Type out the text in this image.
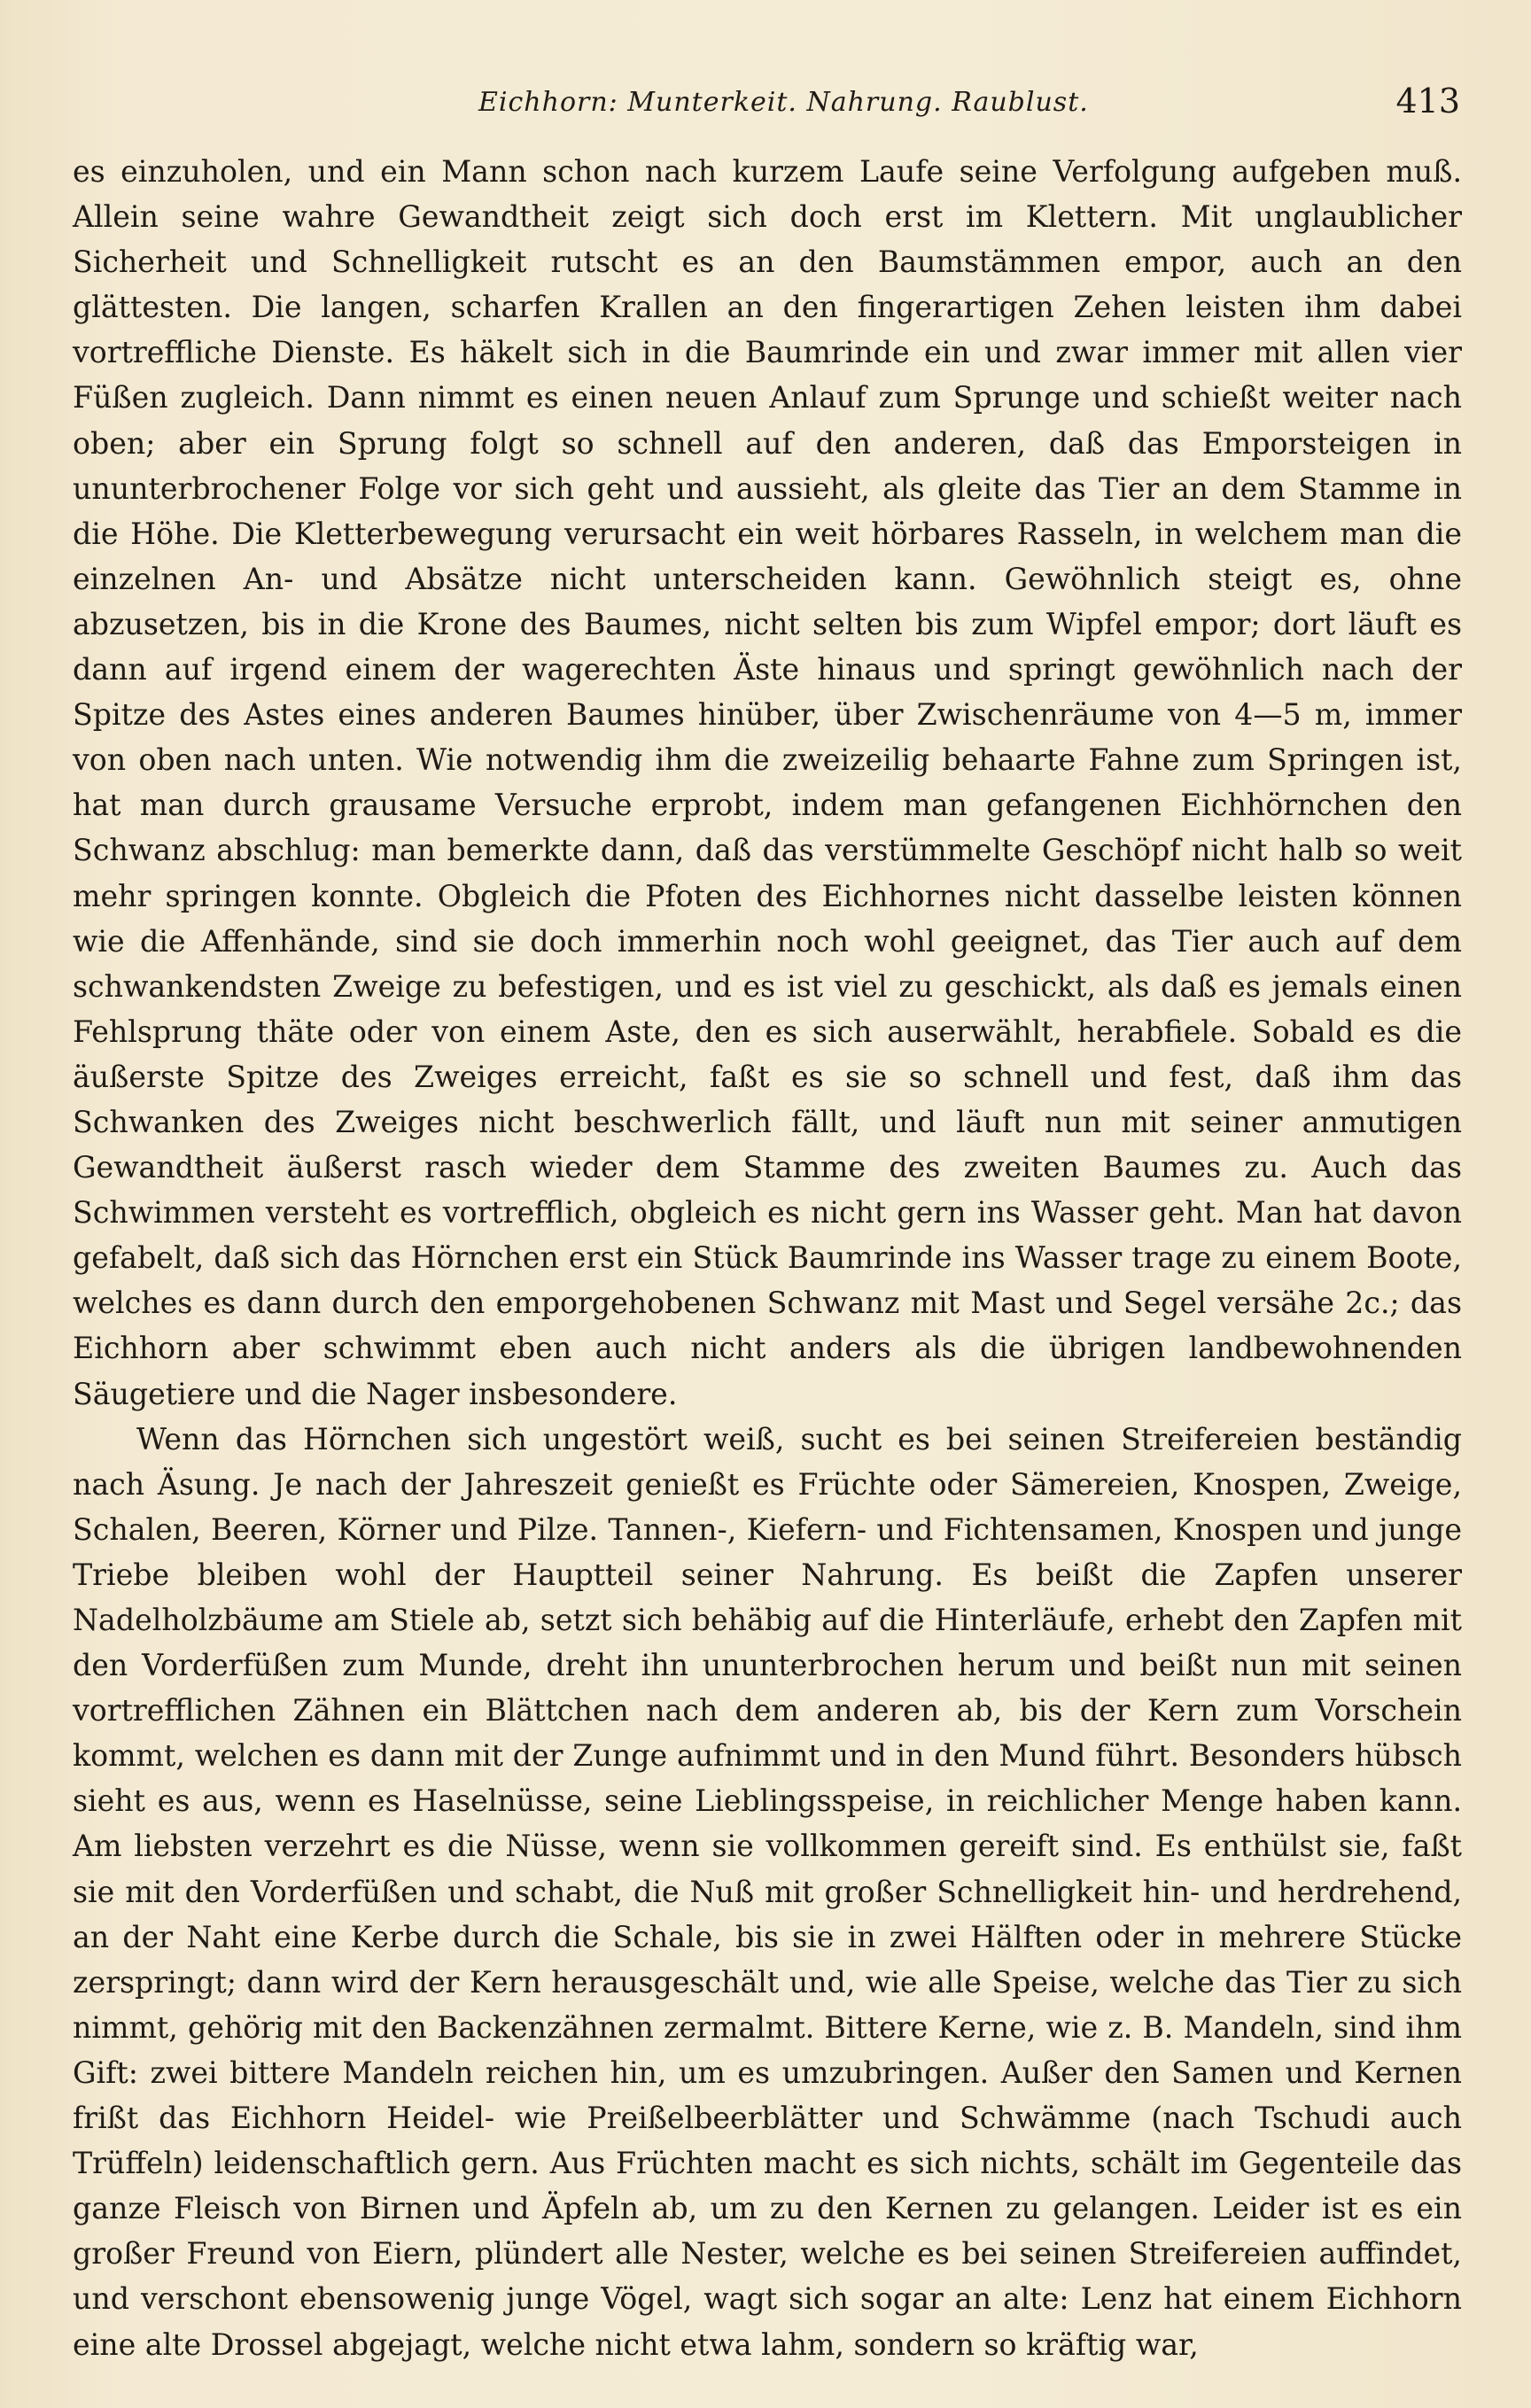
Eichhorn: Munterkeit. Nahrung. Raublust.	413

es einzuholen, und ein Mann schon nach kurzem Laufe seine Verfolgung aufgeben muß. Allein seine wahre Gewandtheit zeigt sich doch erst im Klettern. Mit unglaublicher Sicherheit und Schnelligkeit rutscht es an den Baumstämmen empor, auch an den glättesten. Die langen, scharfen Krallen an den fingerartigen Zehen leisten ihm dabei vortreffliche Dienste. Es häkelt sich in die Baumrinde ein und zwar immer mit allen vier Füßen zugleich. Dann nimmt es einen neuen Anlauf zum Sprunge und schießt weiter nach oben; aber ein Sprung folgt so schnell auf den anderen, daß das Emporsteigen in ununterbrochener Folge vor sich geht und aussieht, als gleite das Tier an dem Stamme in die Höhe. Die Kletterbewegung verursacht ein weit hörbares Rasseln, in welchem man die einzelnen An- und Absätze nicht unterscheiden kann. Gewöhnlich steigt es, ohne abzusetzen, bis in die Krone des Baumes, nicht selten bis zum Wipfel empor; dort läuft es dann auf irgend einem der wagerechten Äste hinaus und springt gewöhnlich nach der Spitze des Astes eines anderen Baumes hinüber, über Zwischenräume von 4—5 m, immer von oben nach unten. Wie notwendig ihm die zweizeilig behaarte Fahne zum Springen ist, hat man durch grausame Versuche erprobt, indem man gefangenen Eichhörnchen den Schwanz abschlug: man bemerkte dann, daß das verstümmelte Geschöpf nicht halb so weit mehr springen konnte. Obgleich die Pfoten des Eichhornes nicht dasselbe leisten können wie die Affenhände, sind sie doch immerhin noch wohl geeignet, das Tier auch auf dem schwankendsten Zweige zu befestigen, und es ist viel zu geschickt, als daß es jemals einen Fehlsprung thäte oder von einem Aste, den es sich auserwählt, herabfiele. Sobald es die äußerste Spitze des Zweiges erreicht, faßt es sie so schnell und fest, daß ihm das Schwanken des Zweiges nicht beschwerlich fällt, und läuft nun mit seiner anmutigen Gewandtheit äußerst rasch wieder dem Stamme des zweiten Baumes zu. Auch das Schwimmen versteht es vortrefflich, obgleich es nicht gern ins Wasser geht. Man hat davon gefabelt, daß sich das Hörnchen erst ein Stück Baumrinde ins Wasser trage zu einem Boote, welches es dann durch den emporgehobenen Schwanz mit Mast und Segel versähe 2c.; das Eichhorn aber schwimmt eben auch nicht anders als die übrigen landbewohnenden Säugetiere und die Nager insbesondere.

Wenn das Hörnchen sich ungestört weiß, sucht es bei seinen Streifereien beständig nach Äsung. Je nach der Jahreszeit genießt es Früchte oder Sämereien, Knospen, Zweige, Schalen, Beeren, Körner und Pilze. Tannen-, Kiefern- und Fichtensamen, Knospen und junge Triebe bleiben wohl der Hauptteil seiner Nahrung. Es beißt die Zapfen unserer Nadelholzbäume am Stiele ab, setzt sich behäbig auf die Hinterläufe, erhebt den Zapfen mit den Vorderfüßen zum Munde, dreht ihn ununterbrochen herum und beißt nun mit seinen vortrefflichen Zähnen ein Blättchen nach dem anderen ab, bis der Kern zum Vorschein kommt, welchen es dann mit der Zunge aufnimmt und in den Mund führt. Besonders hübsch sieht es aus, wenn es Haselnüsse, seine Lieblingsspeise, in reichlicher Menge haben kann. Am liebsten verzehrt es die Nüsse, wenn sie vollkommen gereift sind. Es enthülst sie, faßt sie mit den Vorderfüßen und schabt, die Nuß mit großer Schnelligkeit hin- und herdrehend, an der Naht eine Kerbe durch die Schale, bis sie in zwei Hälften oder in mehrere Stücke zerspringt; dann wird der Kern herausgeschält und, wie alle Speise, welche das Tier zu sich nimmt, gehörig mit den Backenzähnen zermalmt. Bittere Kerne, wie z. B. Mandeln, sind ihm Gift: zwei bittere Mandeln reichen hin, um es umzubringen. Außer den Samen und Kernen frißt das Eichhorn Heidel- wie Preißelbeerblätter und Schwämme (nach Tschudi auch Trüffeln) leidenschaftlich gern. Aus Früchten macht es sich nichts, schält im Gegenteile das ganze Fleisch von Birnen und Äpfeln ab, um zu den Kernen zu gelangen. Leider ist es ein großer Freund von Eiern, plündert alle Nester, welche es bei seinen Streifereien auffindet, und verschont ebensowenig junge Vögel, wagt sich sogar an alte: Lenz hat einem Eichhorn eine alte Drossel abgejagt, welche nicht etwa lahm, sondern so kräftig war,
